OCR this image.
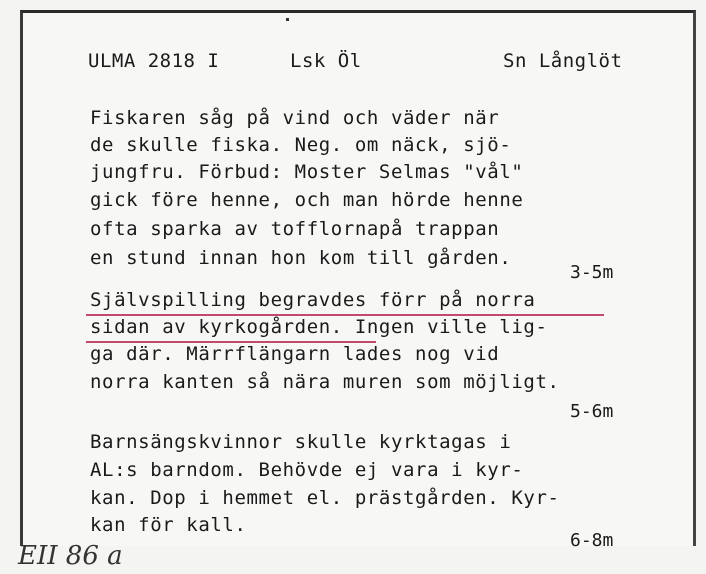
ULMA 2818 I	Lsk Öl	Sn Långlöt
Fiskaren såg på vind och väder när
de skulle fiska. Neg. om näck, sjö-
jungfru. Förbud: Moster Selmas "vål"
gick före henne, och man hörde henne
ofta sparka av tofflornapå trappan
en stund innan hon kom till gården.
3-5m
Självspilling begravdes förr på norra
sidan av kyrkogården. Ingen ville lig-
ga där. Märrflängarn lades nog vid
norra kanten så nära muren som möjligt.
5-6m
Barnsängskvinnor skulle kyrktagas i
AL:s barndom. Behövde ej vara i kyr-
kan. Dop i hemmet el. prästgården. Kyr-
kan för kall.
6-8m
EII 86 a
